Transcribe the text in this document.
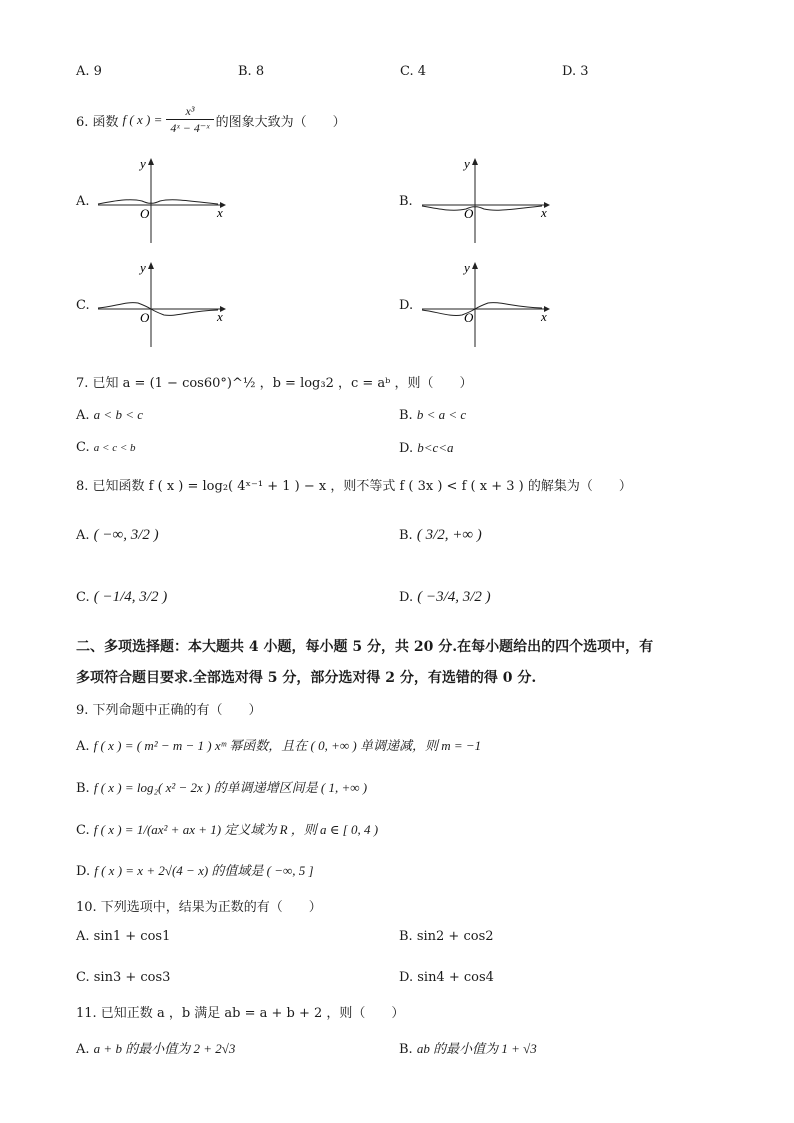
A. 9	B. 8	C. 4	D. 3
6. 函数 f ( x ) = $\frac{\text{x³}}{\text{4ˣ − 4⁻ˣ}}$ 的图象大致为（　　）
A.
y
x
O
B.
y
x
O
C.
y
x
O
D.
y
x
O
7. 已知 a = (1 − cos60°)^½ ，b = log₃2 ，c = aᵇ ，则（　　）
A. a < b < c	B. b < a < c
C. a < c < b	D. b<c<a
8. 已知函数 f ( x ) = log₂( 4ˣ⁻¹ + 1 ) − x ，则不等式 f ( 3x ) < f ( x + 3 ) 的解集为（　　）
A. ( −∞, 3/2 )	B. ( 3/2, +∞ )
C. ( −1/4, 3/2 )	D. ( −3/4, 3/2 )
二、多项选择题：本大题共 4 小题，每小题 5 分，共 20 分.在每小题给出的四个选项中，有
多项符合题目要求.全部选对得 5 分，部分选对得 2 分，有选错的得 0 分.
9. 下列命题中正确的有（　　）
A. f ( x ) = ( m² − m − 1 ) xᵐ 幂函数，且在 ( 0, +∞ ) 单调递减，则 m = −1
B. f ( x ) = log₂( x² − 2x ) 的单调递增区间是 ( 1, +∞ )
C. f ( x ) = 1/(ax² + ax + 1) 定义域为 R ，则 a ∈ [ 0, 4 )
D. f ( x ) = x + 2√(4 − x) 的值域是 ( −∞, 5 ]
10. 下列选项中，结果为正数的有（　　）
A. sin1 + cos1	B. sin2 + cos2
C. sin3 + cos3	D. sin4 + cos4
11. 已知正数 a ，b 满足 ab = a + b + 2 ，则（　　）
A. a + b 的最小值为 2 + 2√3	B. ab 的最小值为 1 + √3
